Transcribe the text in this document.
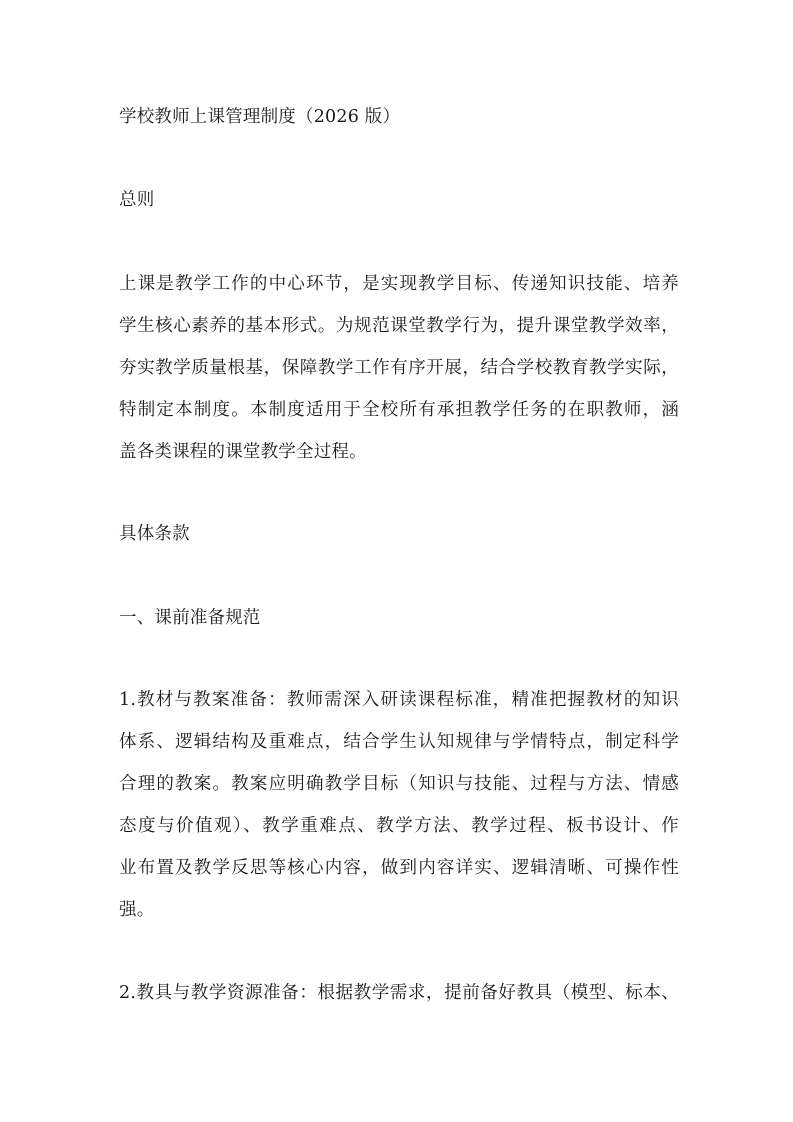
学校教师上课管理制度（2026 版）
总则
上课是教学工作的中心环节，是实现教学目标、传递知识技能、培养
学生核心素养的基本形式。为规范课堂教学行为，提升课堂教学效率，
夯实教学质量根基，保障教学工作有序开展，结合学校教育教学实际，
特制定本制度。本制度适用于全校所有承担教学任务的在职教师，涵
盖各类课程的课堂教学全过程。
具体条款
一、课前准备规范
1.教材与教案准备：教师需深入研读课程标准，精准把握教材的知识
体系、逻辑结构及重难点，结合学生认知规律与学情特点，制定科学
合理的教案。教案应明确教学目标（知识与技能、过程与方法、情感
态度与价值观）、教学重难点、教学方法、教学过程、板书设计、作
业布置及教学反思等核心内容，做到内容详实、逻辑清晰、可操作性
强。
2.教具与教学资源准备：根据教学需求，提前备好教具（模型、标本、
